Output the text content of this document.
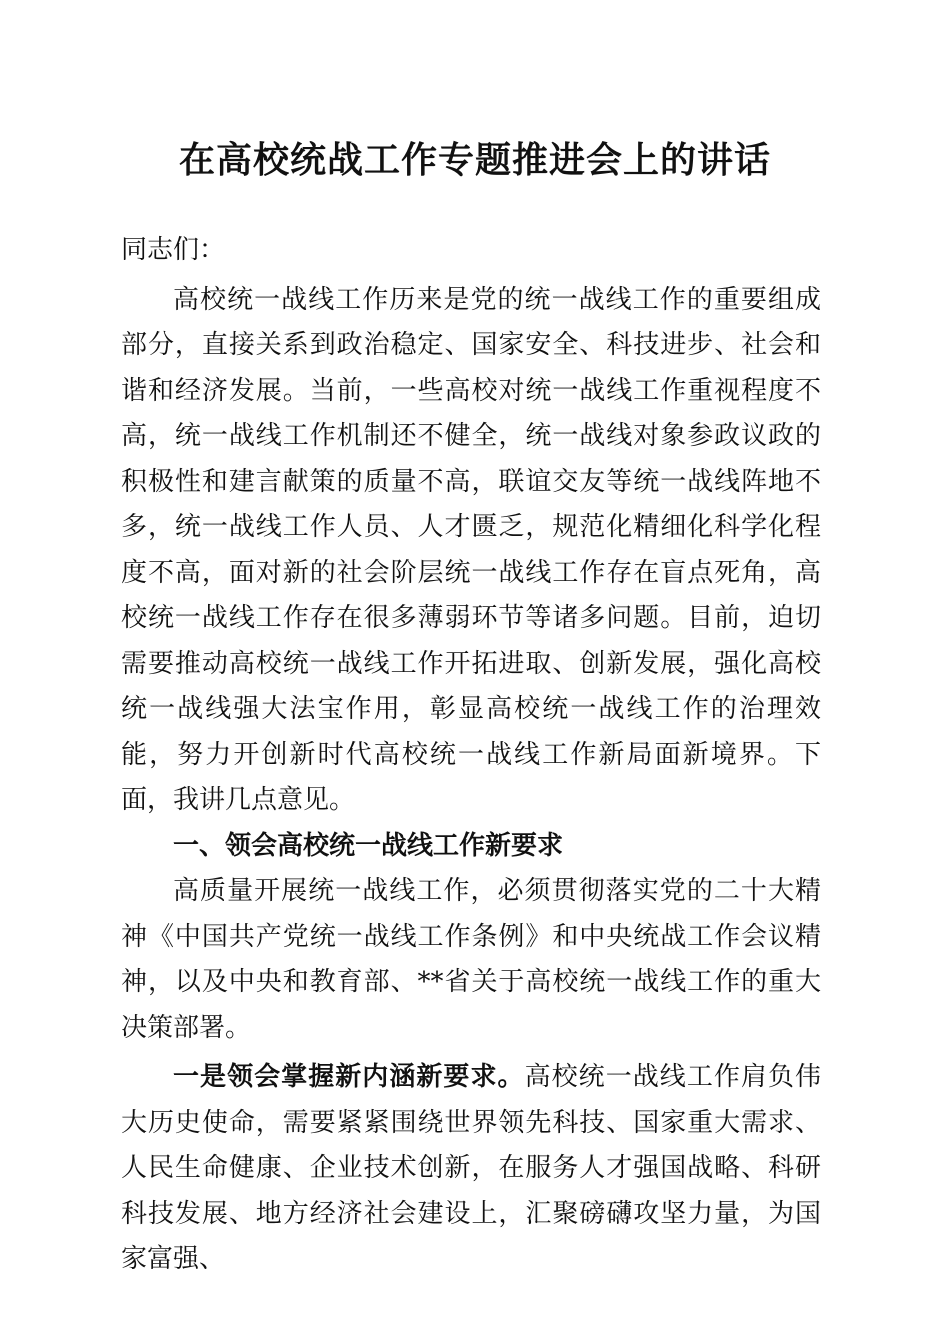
在高校统战工作专题推进会上的讲话

同志们：

高校统一战线工作历来是党的统一战线工作的重要组成部分，直接关系到政治稳定、国家安全、科技进步、社会和谐和经济发展。当前，一些高校对统一战线工作重视程度不高，统一战线工作机制还不健全，统一战线对象参政议政的积极性和建言献策的质量不高，联谊交友等统一战线阵地不多，统一战线工作人员、人才匮乏，规范化精细化科学化程度不高，面对新的社会阶层统一战线工作存在盲点死角，高校统一战线工作存在很多薄弱环节等诸多问题。目前，迫切需要推动高校统一战线工作开拓进取、创新发展，强化高校统一战线强大法宝作用，彰显高校统一战线工作的治理效能，努力开创新时代高校统一战线工作新局面新境界。下面，我讲几点意见。

一、领会高校统一战线工作新要求

高质量开展统一战线工作，必须贯彻落实党的二十大精神《中国共产党统一战线工作条例》和中央统战工作会议精神，以及中央和教育部、**省关于高校统一战线工作的重大决策部署。

一是领会掌握新内涵新要求。高校统一战线工作肩负伟大历史使命，需要紧紧围绕世界领先科技、国家重大需求、人民生命健康、企业技术创新，在服务人才强国战略、科研科技发展、地方经济社会建设上，汇聚磅礴攻坚力量，为国家富强、
